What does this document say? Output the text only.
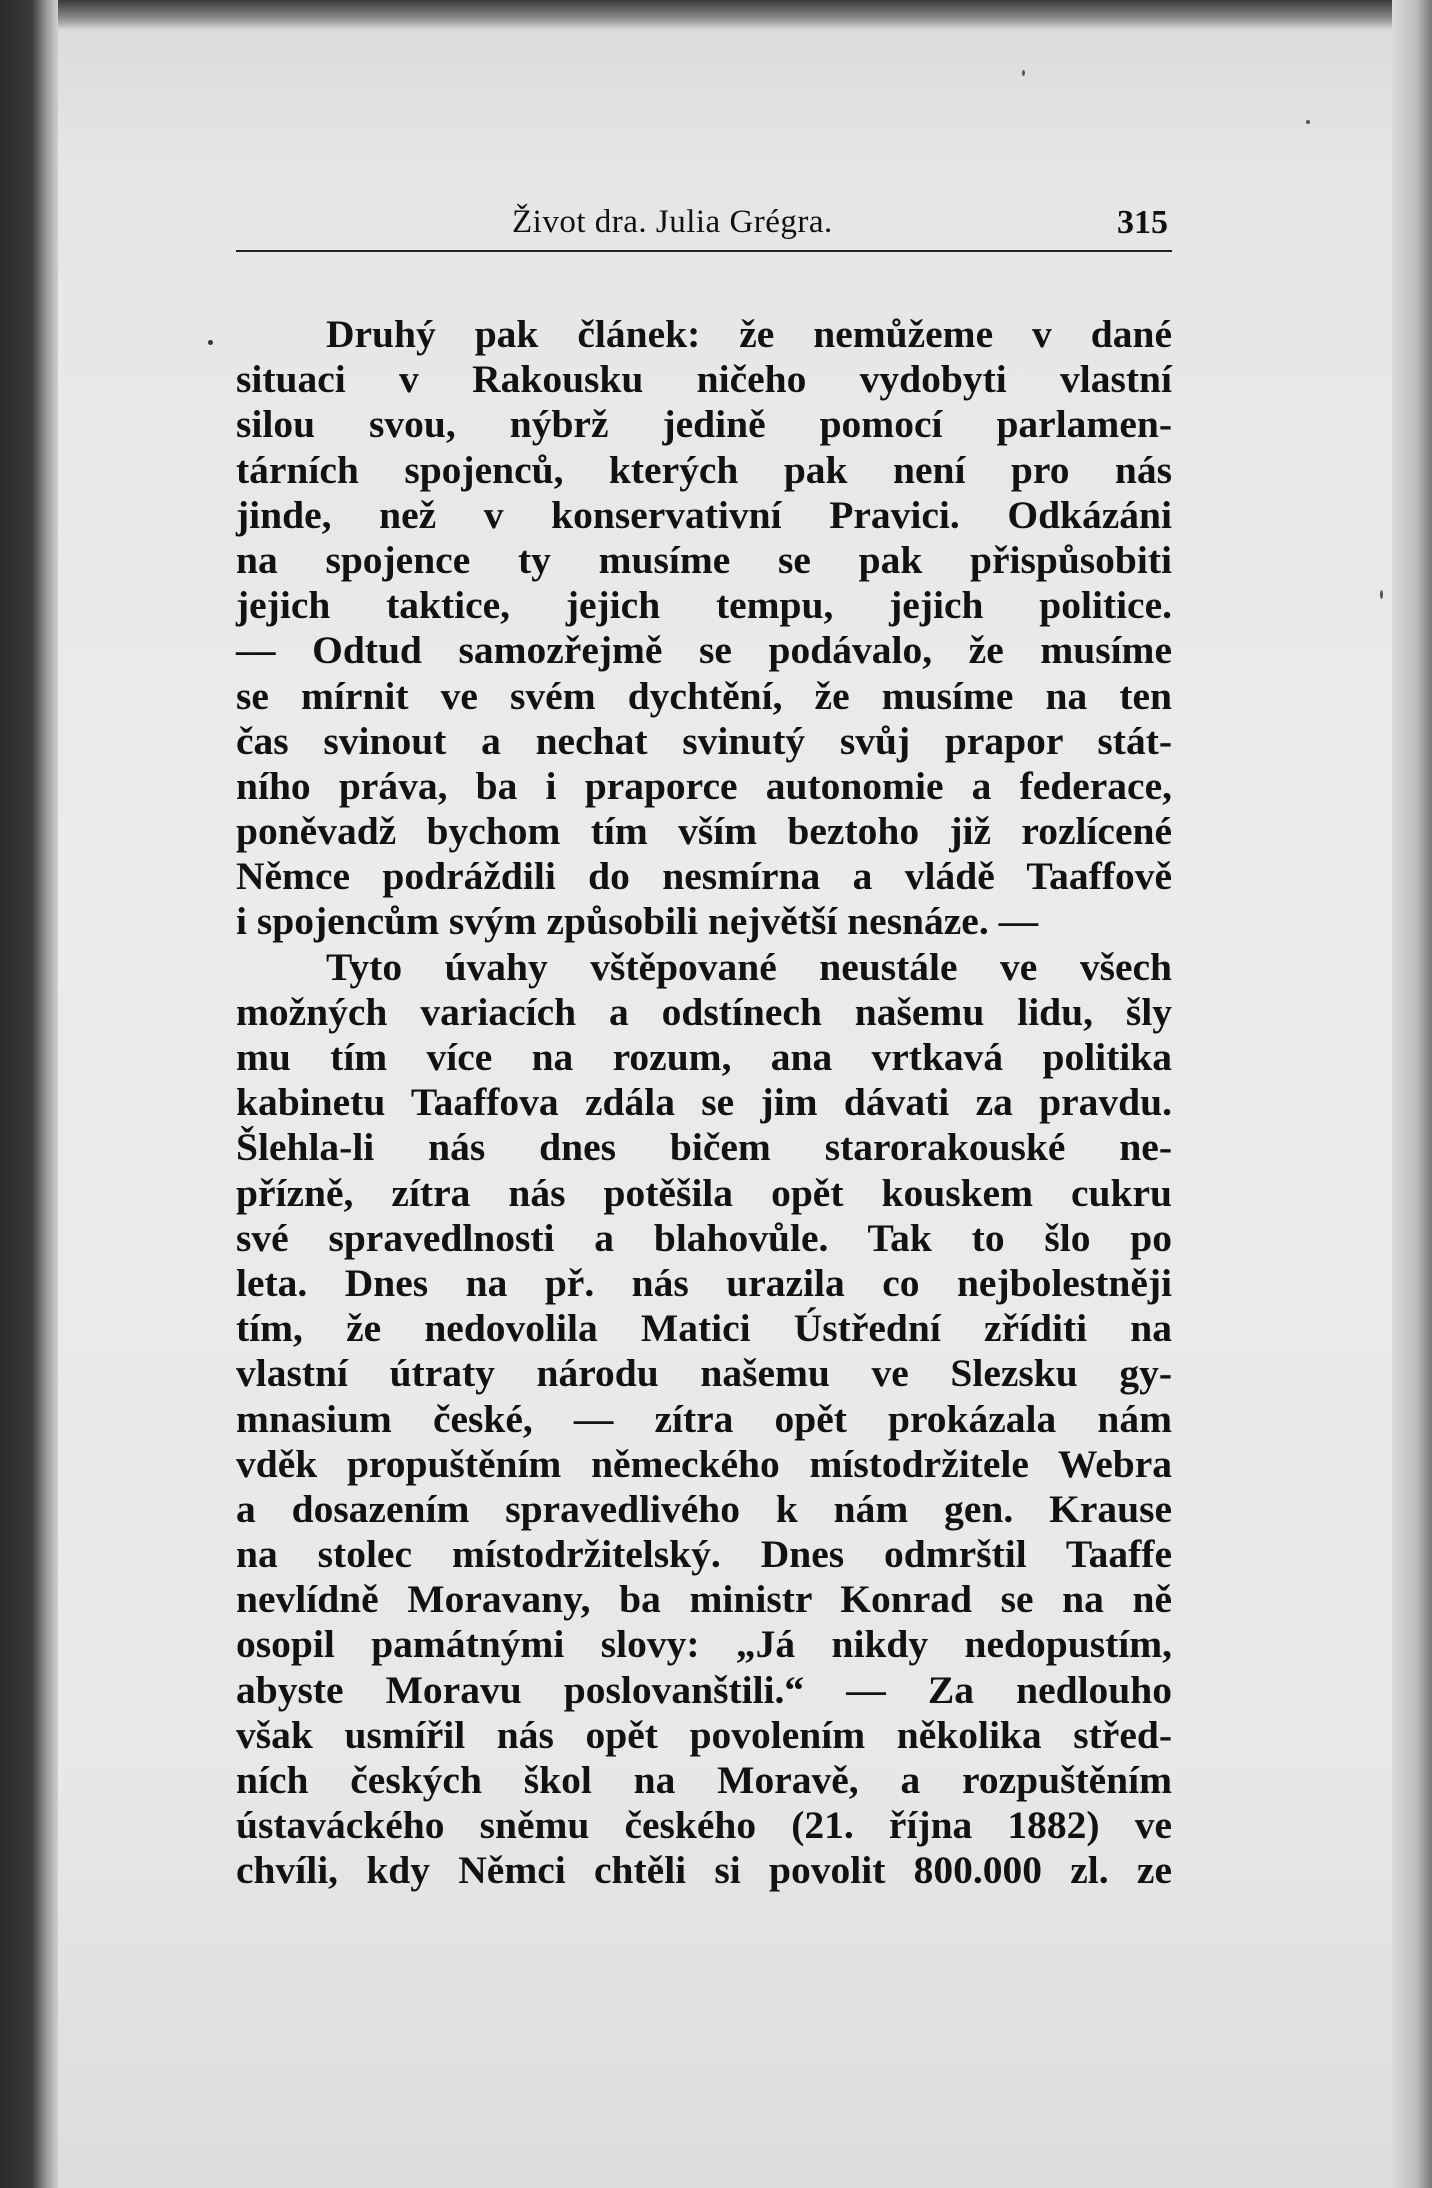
Život dra. Julia Grégra.	315
Druhý pak článek: že nemůžeme v dané
situaci v Rakousku ničeho vydobyti vlastní
silou svou, nýbrž jedině pomocí parlamen-
tárních spojenců, kterých pak není pro nás
jinde, než v konservativní Pravici. Odkázáni
na spojence ty musíme se pak přispůsobiti
jejich taktice, jejich tempu, jejich politice.
— Odtud samozřejmě se podávalo, že musíme
se mírnit ve svém dychtění, že musíme na ten
čas svinout a nechat svinutý svůj prapor stát-
ního práva, ba i praporce autonomie a federace,
poněvadž bychom tím vším beztoho již rozlícené
Němce podráždili do nesmírna a vládě Taaffově
i spojencům svým způsobili největší nesnáze. —
Tyto úvahy vštěpované neustále ve všech
možných variacích a odstínech našemu lidu, šly
mu tím více na rozum, ana vrtkavá politika
kabinetu Taaffova zdála se jim dávati za pravdu.
Šlehla-li nás dnes bičem starorakouské ne-
přízně, zítra nás potěšila opět kouskem cukru
své spravedlnosti a blahovůle. Tak to šlo po
leta. Dnes na př. nás urazila co nejbolestněji
tím, že nedovolila Matici Ústřední zříditi na
vlastní útraty národu našemu ve Slezsku gy-
mnasium české, — zítra opět prokázala nám
vděk propuštěním německého místodržitele Webra
a dosazením spravedlivého k nám gen. Krause
na stolec místodržitelský. Dnes odmrštil Taaffe
nevlídně Moravany, ba ministr Konrad se na ně
osopil památnými slovy: „Já nikdy nedopustím,
abyste Moravu poslovanštili.“ — Za nedlouho
však usmířil nás opět povolením několika střed-
ních českých škol na Moravě, a rozpuštěním
ústaváckého sněmu českého (21. října 1882) ve
chvíli, kdy Němci chtěli si povolit 800.000 zl. ze
